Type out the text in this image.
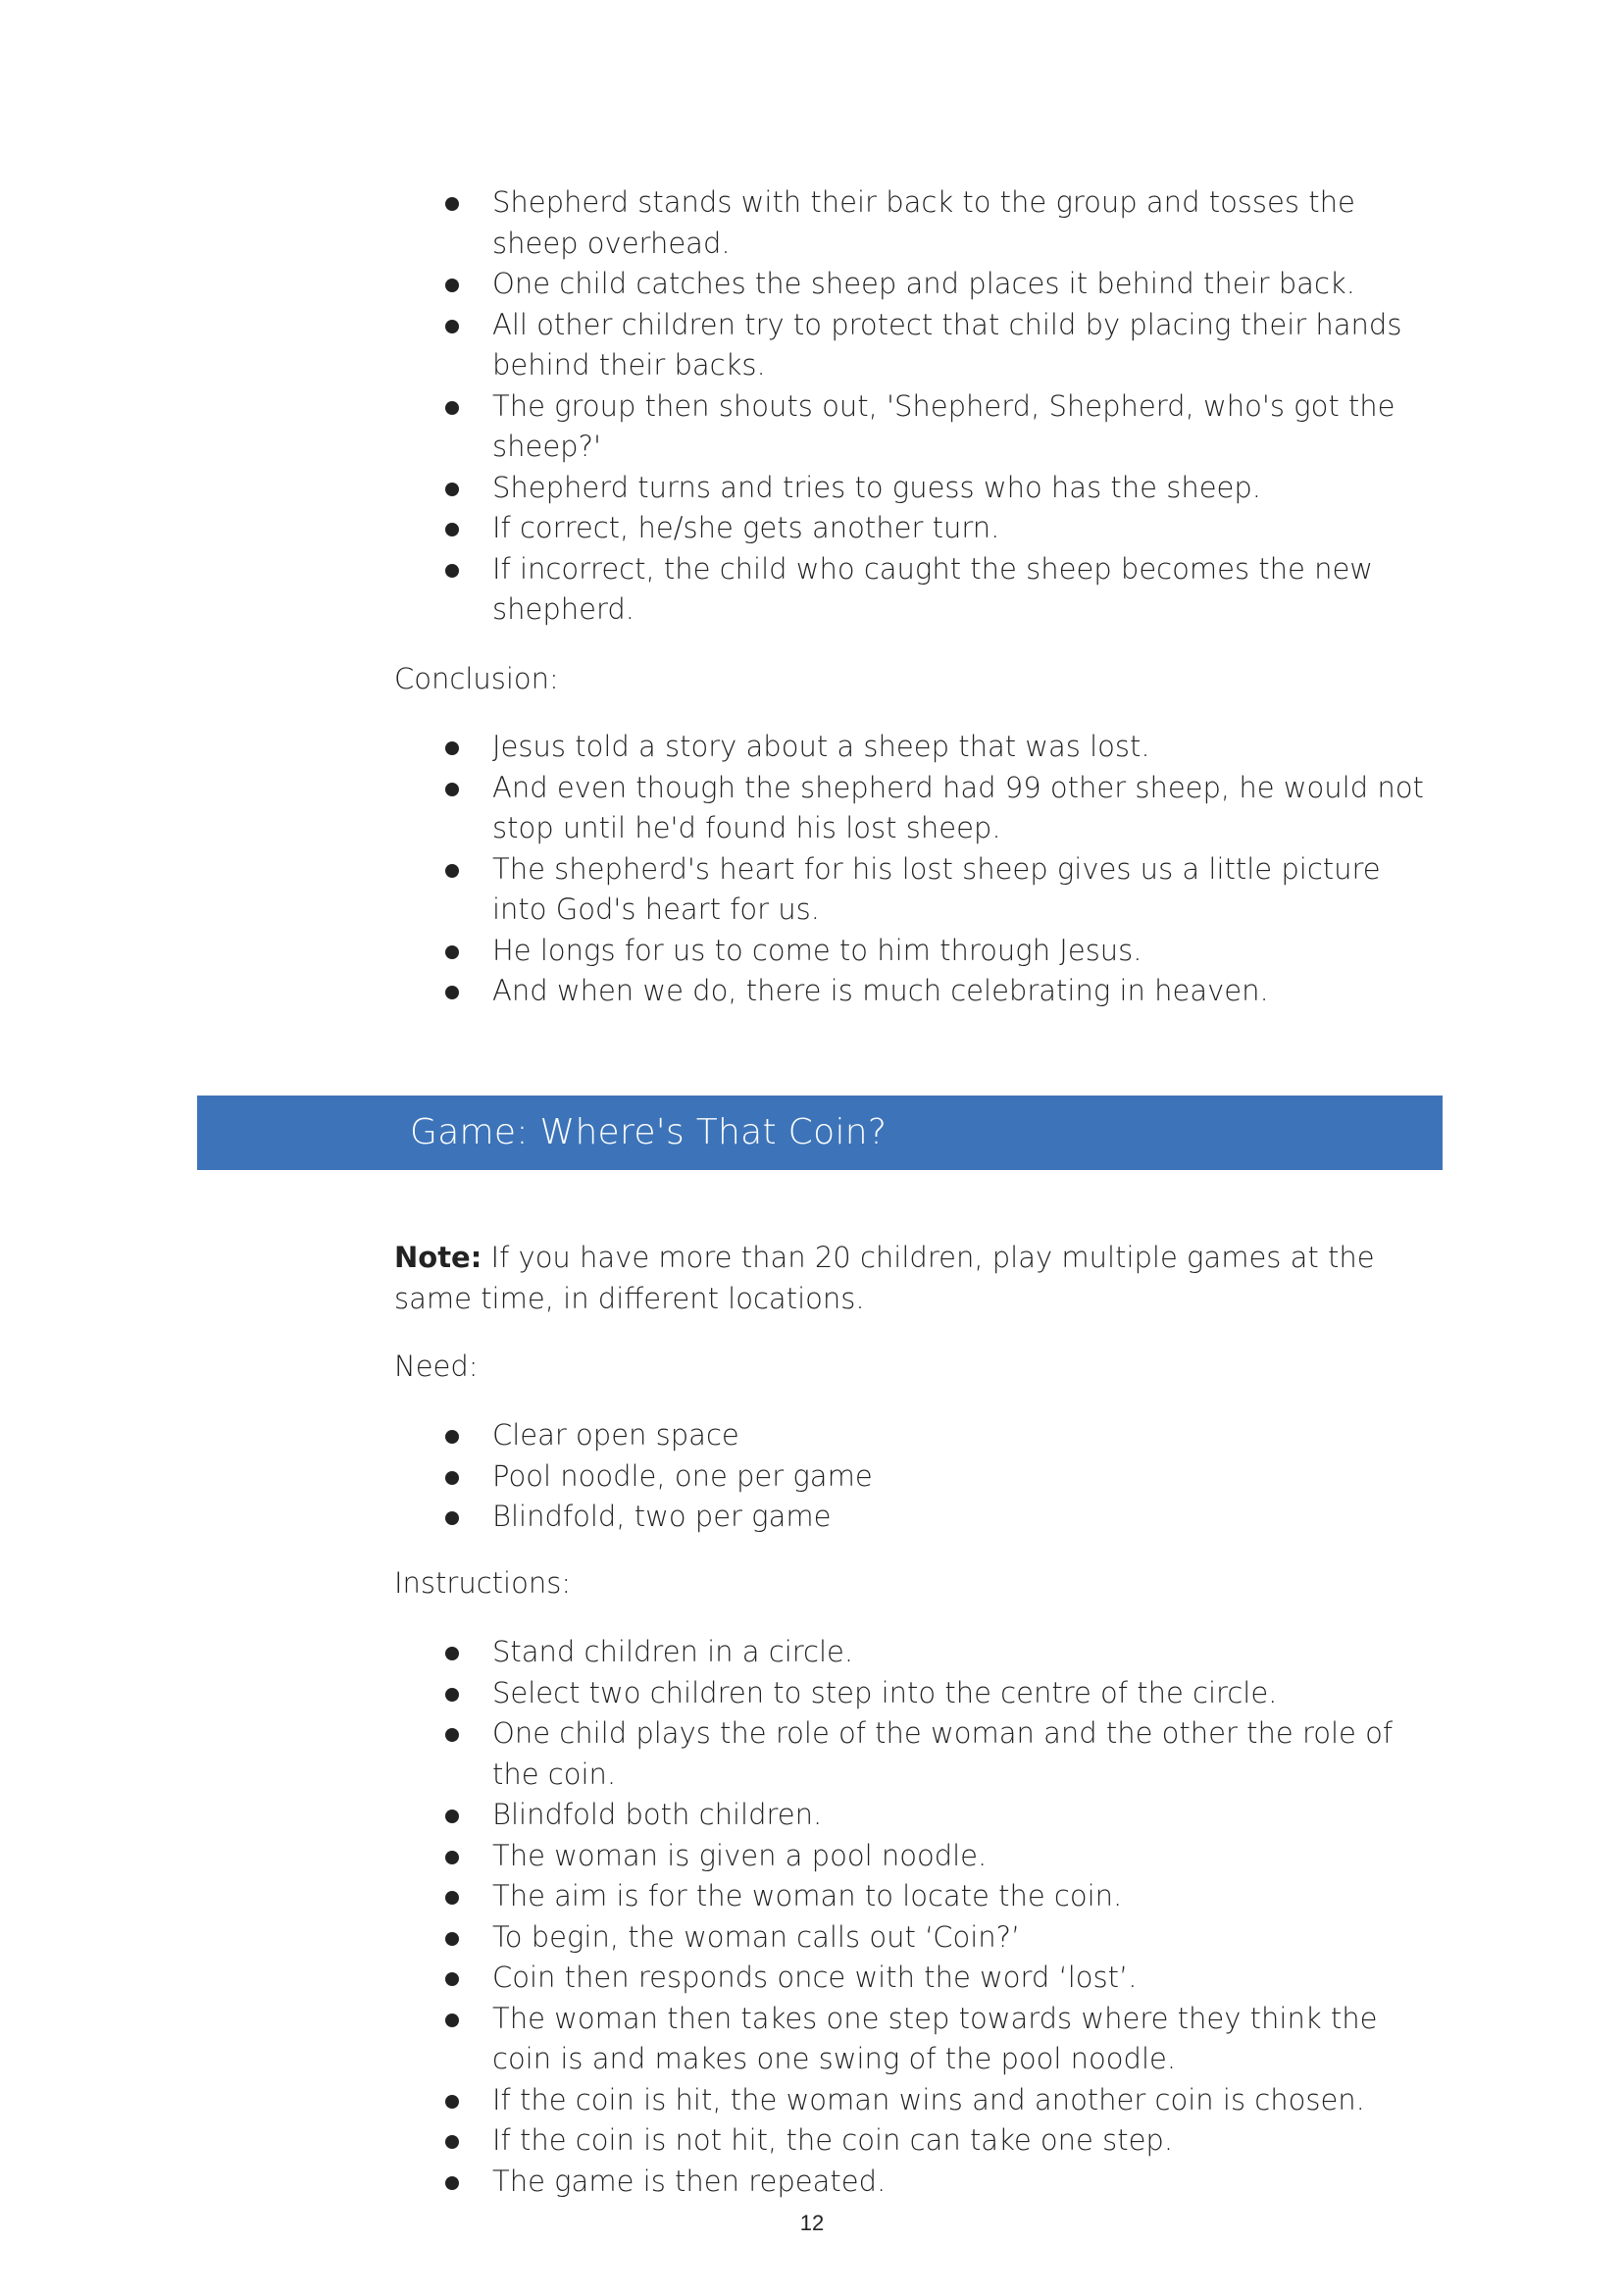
Shepherd stands with their back to the group and tosses the sheep overhead.
One child catches the sheep and places it behind their back.
All other children try to protect that child by placing their hands behind their backs.
The group then shouts out, 'Shepherd, Shepherd, who's got the sheep?'
Shepherd turns and tries to guess who has the sheep.
If correct, he/she gets another turn.
If incorrect, the child who caught the sheep becomes the new shepherd.

Conclusion:

Jesus told a story about a sheep that was lost.
And even though the shepherd had 99 other sheep, he would not stop until he'd found his lost sheep.
The shepherd's heart for his lost sheep gives us a little picture into God's heart for us.
He longs for us to come to him through Jesus.
And when we do, there is much celebrating in heaven.
Game: Where's That Coin?

Note: If you have more than 20 children, play multiple games at the same time, in different locations.

Need:

Clear open space
Pool noodle, one per game
Blindfold, two per game

Instructions:

Stand children in a circle.
Select two children to step into the centre of the circle.
One child plays the role of the woman and the other the role of the coin.
Blindfold both children.
The woman is given a pool noodle.
The aim is for the woman to locate the coin.
To begin, the woman calls out ‘Coin?’
Coin then responds once with the word ‘lost’.
The woman then takes one step towards where they think the coin is and makes one swing of the pool noodle.
If the coin is hit, the woman wins and another coin is chosen.
If the coin is not hit, the coin can take one step.
The game is then repeated.
12
